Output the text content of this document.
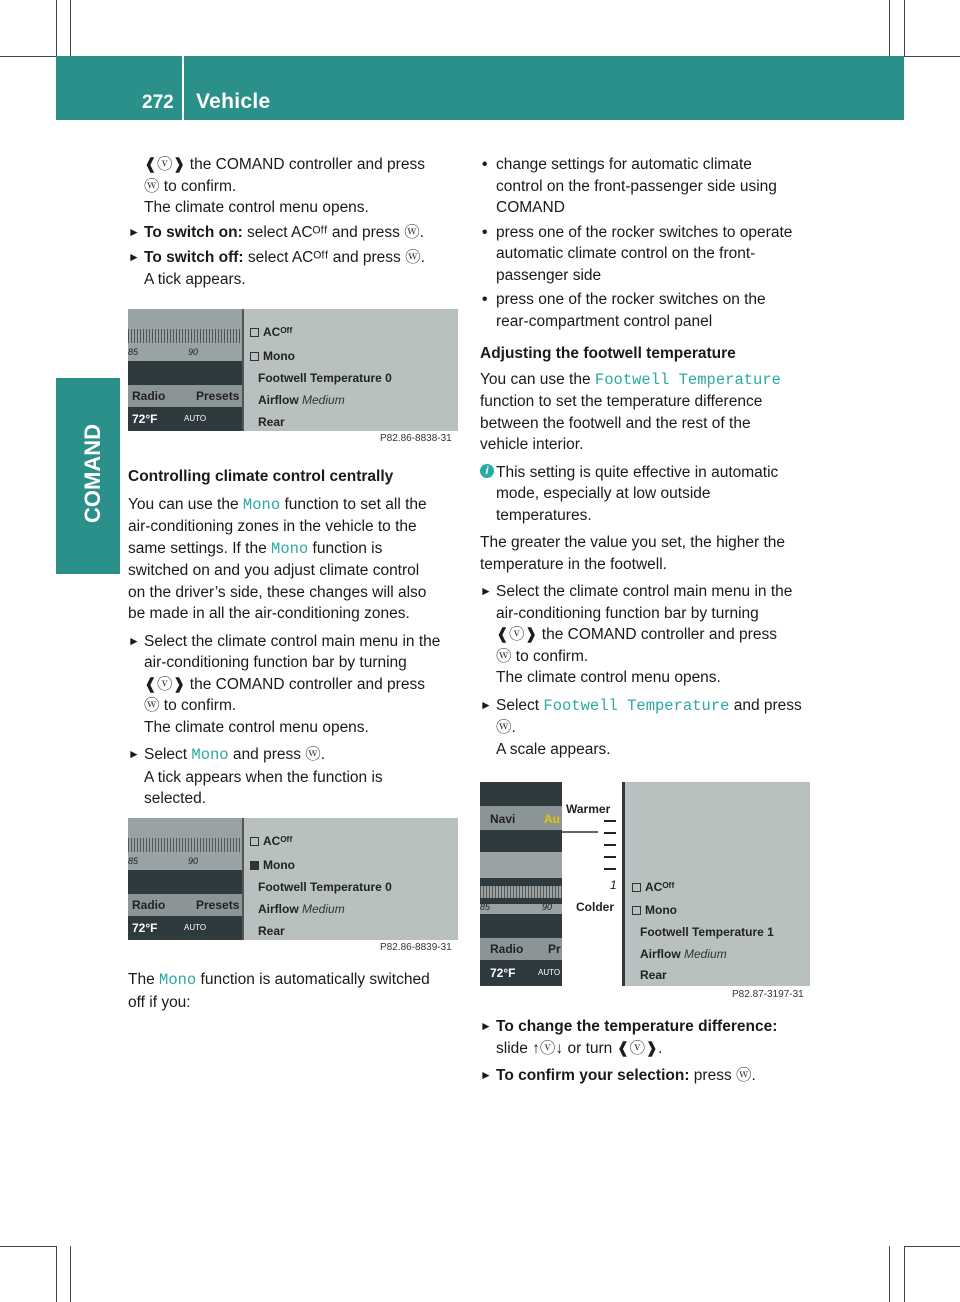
272 Vehicle
COMAND

❰ⓥ❱ the COMAND controller and press

ⓦ to confirm.

The climate control menu opens.

► To switch on: select ACᴼᶠᶠ and press ⓦ.

► To switch off: select ACᴼᶠᶠ and press ⓦ.

A tick appears.

85	90
Radio	Presets
72°F	AUTO
ACᴼᶠᶠ
Mono
Footwell Temperature 0
Airflow Medium
Rear
P82.86-8838-31

Controlling climate control centrally

You can use the Mono function to set all the

air-conditioning zones in the vehicle to the

same settings. If the Mono function is

switched on and you adjust climate control

on the driver’s side, these changes will also

be made in all the air-conditioning zones.

► Select the climate control main menu in the

air-conditioning function bar by turning

❰ⓥ❱ the COMAND controller and press

ⓦ to confirm.

The climate control menu opens.

► Select Mono and press ⓦ.

A tick appears when the function is

selected.

85	90
Radio	Presets
72°F	AUTO
ACᴼᶠᶠ
Mono
Footwell Temperature 0
Airflow Medium
Rear
P82.86-8839-31

The Mono function is automatically switched

off if you:

• change settings for automatic climate

control on the front-passenger side using

COMAND

• press one of the rocker switches to operate

automatic climate control on the front-

passenger side

• press one of the rocker switches on the

rear-compartment control panel

Adjusting the footwell temperature

You can use the Footwell Temperature

function to set the temperature difference

between the footwell and the rest of the

vehicle interior.

i This setting is quite effective in automatic

mode, especially at low outside

temperatures.

The greater the value you set, the higher the

temperature in the footwell.

► Select the climate control main menu in the

air-conditioning function bar by turning

❰ⓥ❱ the COMAND controller and press

ⓦ to confirm.

The climate control menu opens.

► Select Footwell Temperature and press

ⓦ.

A scale appears.

Navi Au
85	90
Radio Pr
72°F	AUTO
Warmer
1
Colder
ACᴼᶠᶠ
Mono
Footwell Temperature 1
Airflow Medium
Rear
P82.87-3197-31
► To change the temperature difference:

slide ↑ⓥ↓ or turn ❰ⓥ❱.

► To confirm your selection: press ⓦ.
